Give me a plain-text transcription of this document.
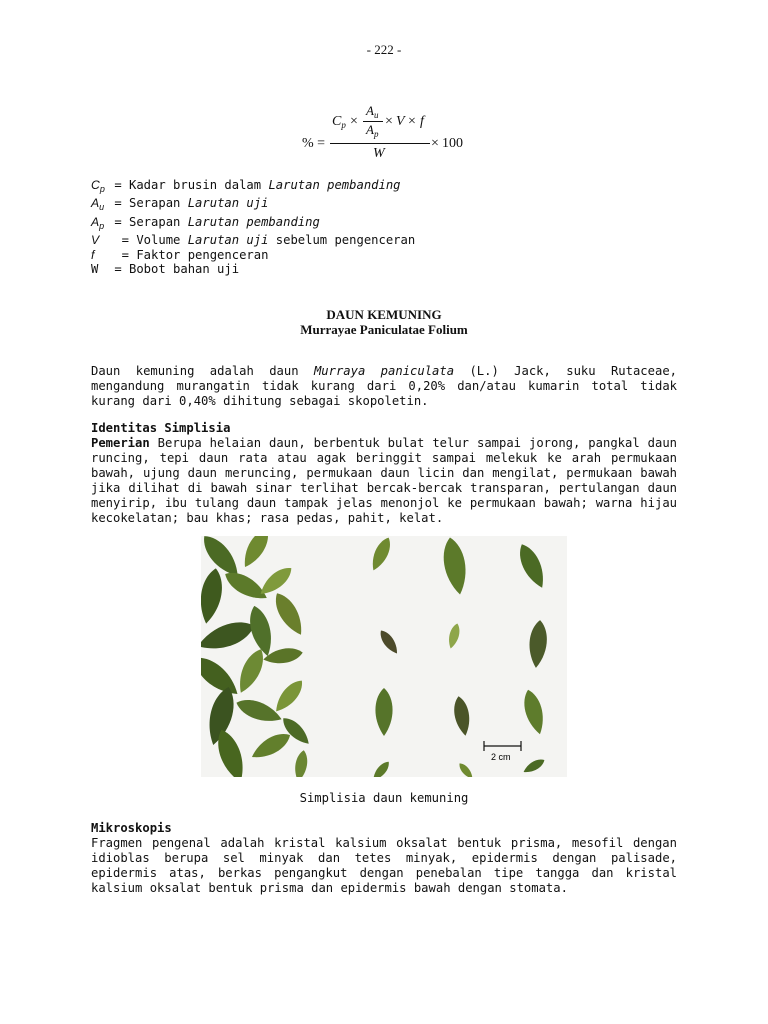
- 222 -
% =
$C_p$ ×
$A_u$
$A_p$
× V × f
W
× 100
$C_p$ = Kadar brusin dalam Larutan pembanding
$A_u$ = Serapan Larutan uji
$A_p$ = Serapan Larutan pembanding
V  = Volume Larutan uji sebelum pengenceran
f  = Faktor pengenceran
W = Bobot bahan uji
DAUN KEMUNING
Murrayae Paniculatae Folium
Daun kemuning adalah daun Murraya paniculata (L.) Jack, suku Rutaceae, mengandung murangatin tidak kurang dari 0,20% dan/atau kumarin total tidak kurang dari 0,40% dihitung sebagai skopoletin.
Identitas Simplisia
Pemerian Berupa helaian daun, berbentuk bulat telur sampai jorong, pangkal daun runcing, tepi daun rata atau agak beringgit sampai melekuk ke arah permukaan bawah, ujung daun meruncing, permukaan daun licin dan mengilat, permukaan bawah jika dilihat di bawah sinar terlihat bercak-bercak transparan, pertulangan daun menyirip, ibu tulang daun tampak jelas menonjol ke permukaan bawah; warna hijau kecokelatan; bau khas; rasa pedas, pahit, kelat.
2 cm
Simplisia daun kemuning
Mikroskopis
Fragmen pengenal adalah kristal kalsium oksalat bentuk prisma, mesofil dengan idioblas berupa sel minyak dan tetes minyak, epidermis dengan palisade, epidermis atas, berkas pengangkut dengan penebalan tipe tangga dan kristal kalsium oksalat bentuk prisma dan epidermis bawah dengan stomata.
